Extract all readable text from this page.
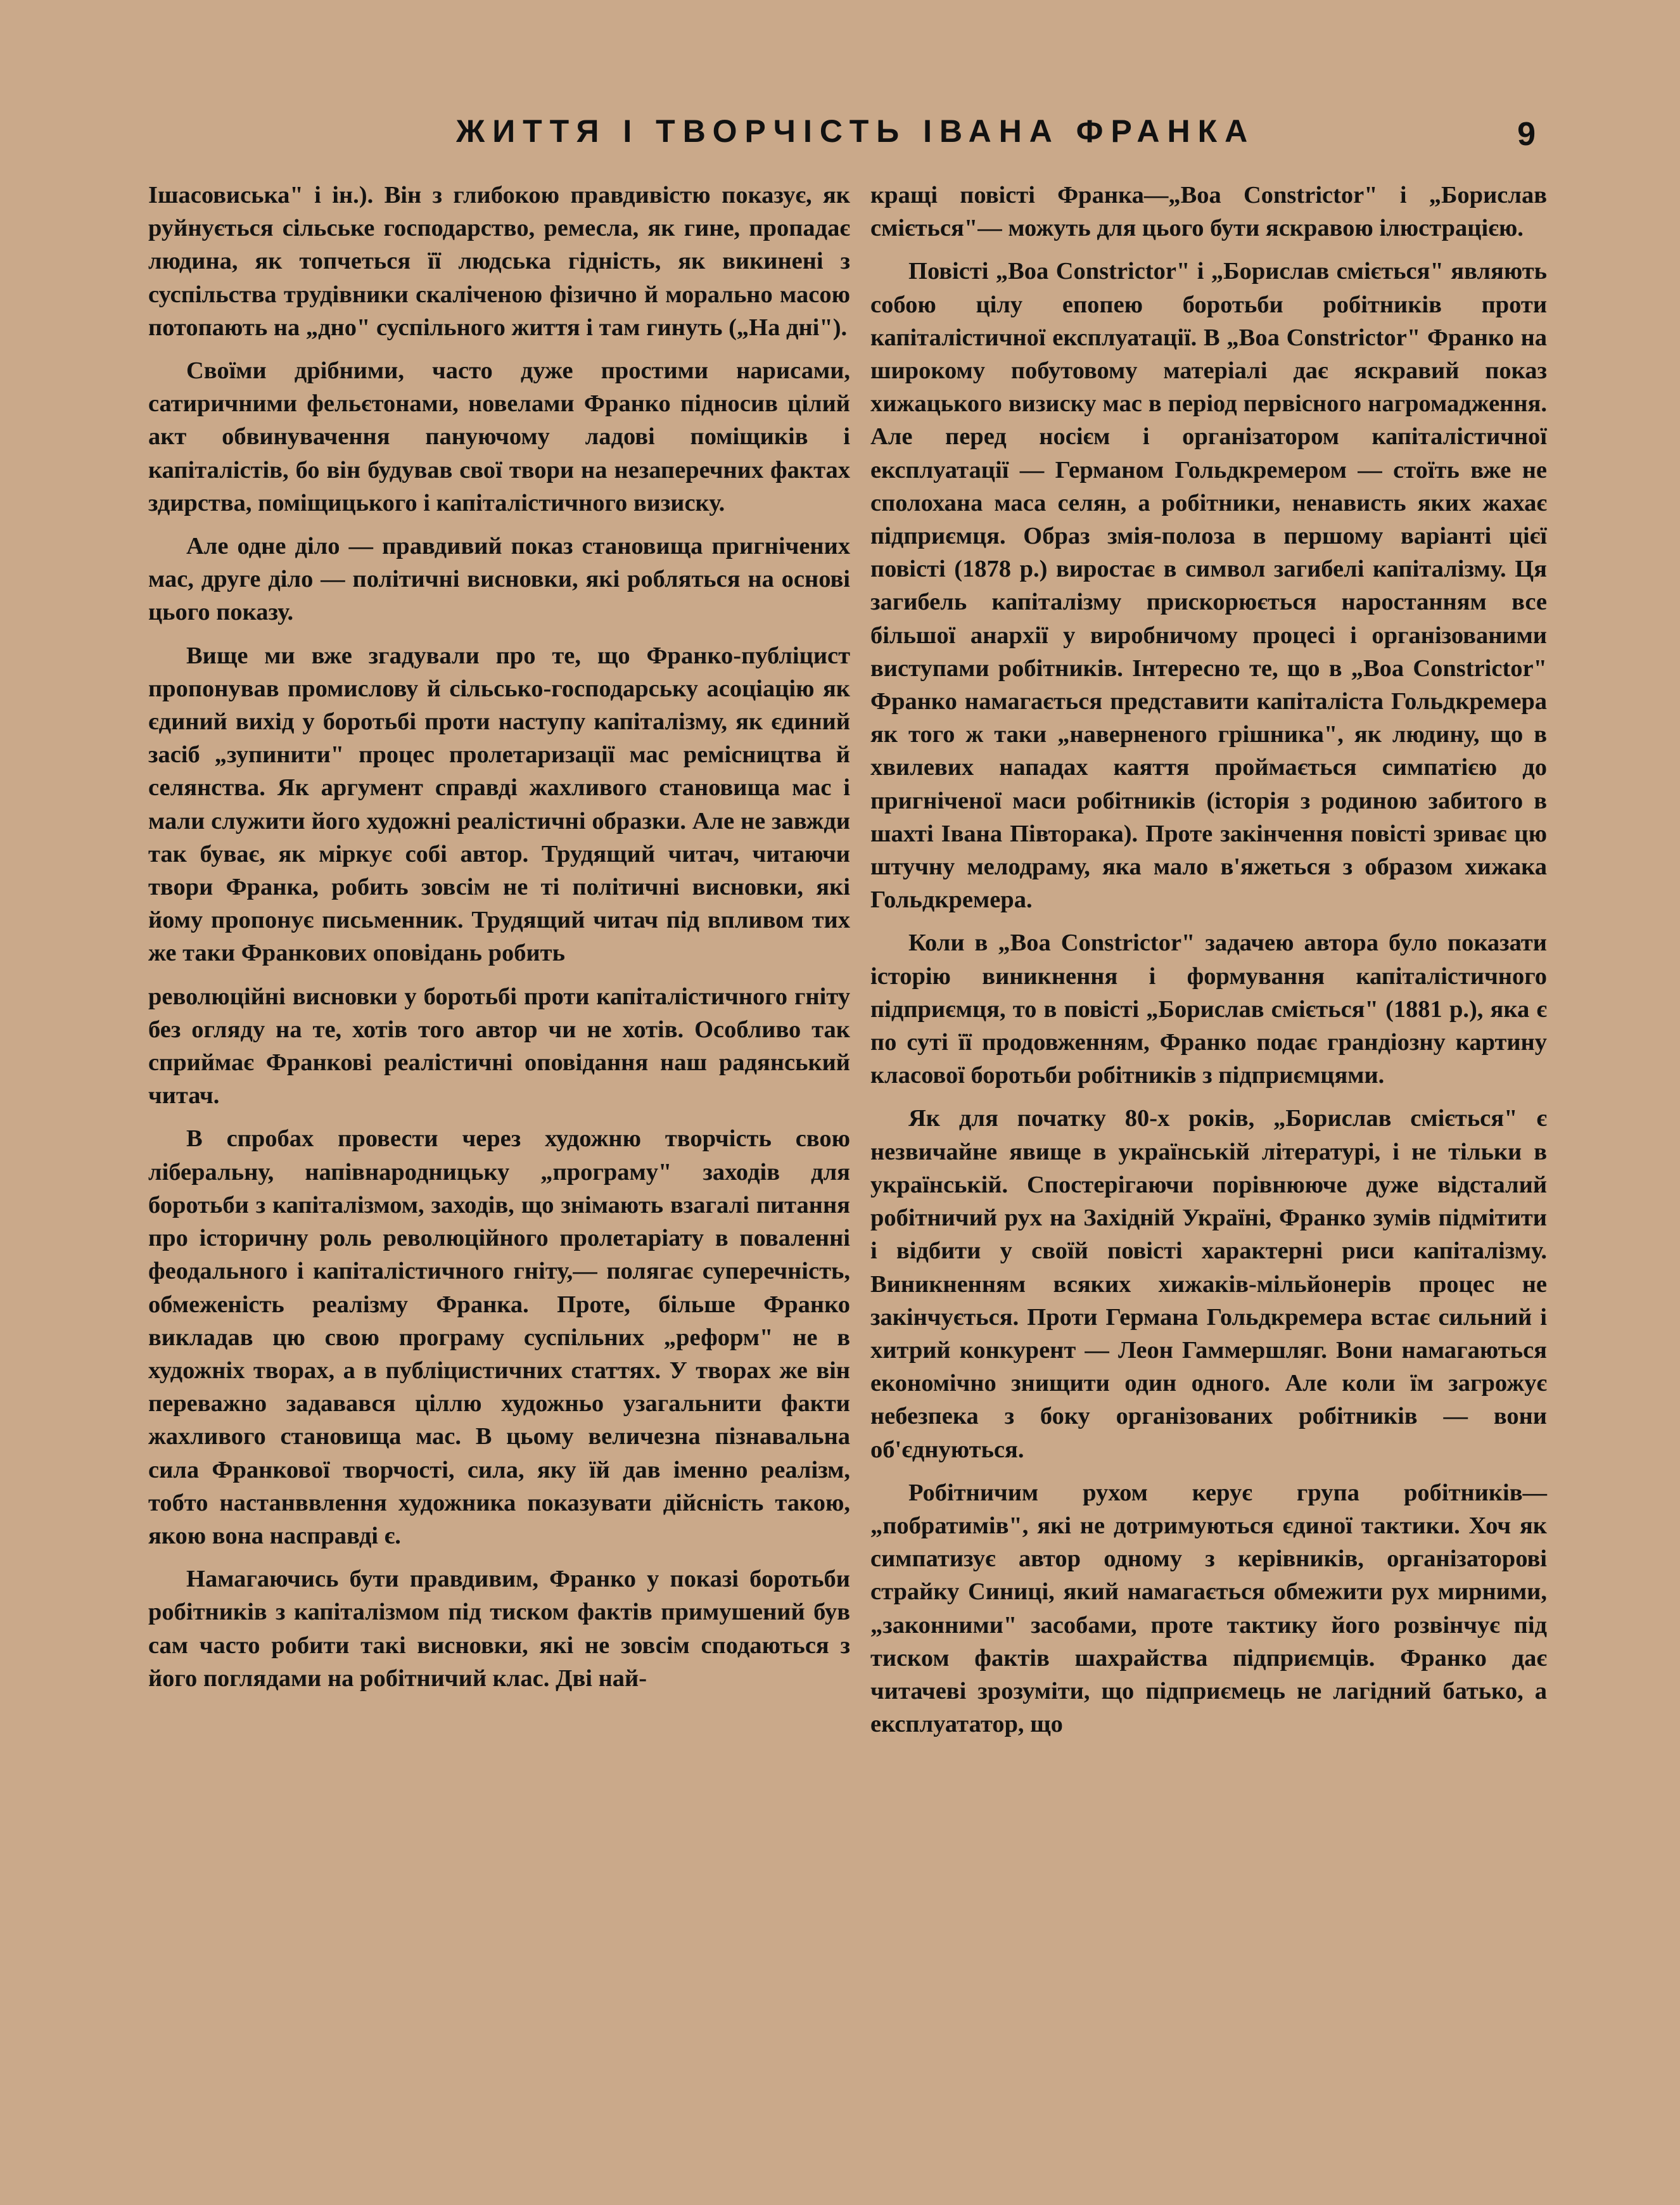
ЖИТТЯ І ТВОРЧІСТЬ ІВАНА ФРАНКА	9

Ішасовиська" і ін.). Він з глибокою правдивістю показує, як руйнується сільське господарство, ремесла, як гине, пропадає людина, як топчеться її людська гідність, як викинені з суспільства трудівники скаліченою фізично й морально масою потопають на „дно" суспільного життя і там гинуть („На дні").

Своїми дрібними, часто дуже простими нарисами, сатиричними фельєтонами, новелами Франко підносив цілий акт обвинувачення пануючому ладові поміщиків і капіталістів, бо він будував свої твори на незаперечних фактах здирства, поміщицького і капіталістичного визиску.

Але одне діло — правдивий показ становища пригнічених мас, друге діло — політичні висновки, які робляться на основі цього показу.

Вище ми вже згадували про те, що Франко-публіцист пропонував промислову й сільсько-господарську асоціацію як єдиний вихід у боротьбі проти наступу капіталізму, як єдиний засіб „зупинити" процес пролетаризації мас ремісництва й селянства. Як аргумент справді жахливого становища мас і мали служити його художні реалістичні образки. Але не завжди так буває, як міркує собі автор. Трудящий читач, читаючи твори Франка, робить зовсім не ті політичні висновки, які йому пропонує письменник. Трудящий читач під впливом тих же таки Франкових оповідань робить

революційні висновки у боротьбі проти капіталістичного гніту без огляду на те, хотів того автор чи не хотів. Особливо так сприймає Франкові реалістичні оповідання наш радянський читач.

В спробах провести через художню творчість свою ліберальну, напівнародницьку „програму" заходів для боротьби з капіталізмом, заходів, що знімають взагалі питання про історичну роль революційного пролетаріату в поваленні феодального і капіталістичного гніту,— полягає суперечність, обмеженість реалізму Франка. Проте, більше Франко викладав цю свою програму суспільних „реформ" не в художніх творах, а в публіцистичних статтях. У творах же він переважно задавався ціллю художньо узагальнити факти жахливого становища мас. В цьому величезна пізнавальна сила Франкової творчості, сила, яку їй дав іменно реалізм, тобто настанввлення художника показувати дійсність такою, якою вона насправді є.

Намагаючись бути правдивим, Франко у показі боротьби робітників з капіталізмом під тиском фактів примушений був сам часто робити такі висновки, які не зовсім сподаються з його поглядами на робітничий клас. Дві най-

кращі повісті Франка—„Boa Constrictor" і „Борислав сміється"— можуть для цього бути яскравою ілюстрацією.

Повісті „Boa Constrictor" і „Борислав сміється" являють собою цілу епопею боротьби робітників проти капіталістичної експлуатації. В „Boa Constrictor" Франко на широкому побутовому матеріалі дає яскравий показ хижацького визиску мас в період первісного нагромадження. Але перед носієм і організатором капіталістичної експлуатації — Германом Гольдкремером — стоїть вже не сполохана маса селян, а робітники, ненависть яких жахає підприємця. Образ змія-полоза в першому варіанті цієї повісті (1878 р.) виростає в символ загибелі капіталізму. Ця загибель капіталізму прискорюється наростанням все більшої анархії у виробничому процесі і організованими виступами робітників. Інтересно те, що в „Boa Constrictor" Франко намагається представити капіталіста Гольдкремера як того ж таки „наверненого грішника", як людину, що в хвилевих нападах каяття проймається симпатією до пригніченої маси робітників (історія з родиною забитого в шахті Івана Півторака). Проте закінчення повісті зриває цю штучну мелодраму, яка мало в'яжеться з образом хижака Гольдкремера.

Коли в „Boa Constrictor" задачею автора було показати історію виникнення і формування капіталістичного підприємця, то в повісті „Борислав сміється" (1881 р.), яка є по суті її продовженням, Франко подає грандіозну картину класової боротьби робітників з підприємцями.

Як для початку 80-х років, „Борислав сміється" є незвичайне явище в українській літературі, і не тільки в українській. Спостерігаючи порівнююче дуже відсталий робітничий рух на Західній Україні, Франко зумів підмітити і відбити у своїй повісті характерні риси капіталізму. Виникненням всяких хижаків-мільйонерів процес не закінчується. Проти Германа Гольдкремера встає сильний і хитрий конкурент — Леон Гаммершляг. Вони намагаються економічно знищити один одного. Але коли їм загрожує небезпека з боку організованих робітників — вони об'єднуються.

Робітничим рухом керує група робітників—„побратимів", які не дотримуються єдиної тактики. Хоч як симпатизує автор одному з керівників, організаторові страйку Синиці, який намагається обмежити рух мирними, „законними" засобами, проте тактику його розвінчує під тиском фактів шахрайства підприємців. Франко дає читачеві зрозуміти, що підприємець не лагідний батько, а експлуататор, що
